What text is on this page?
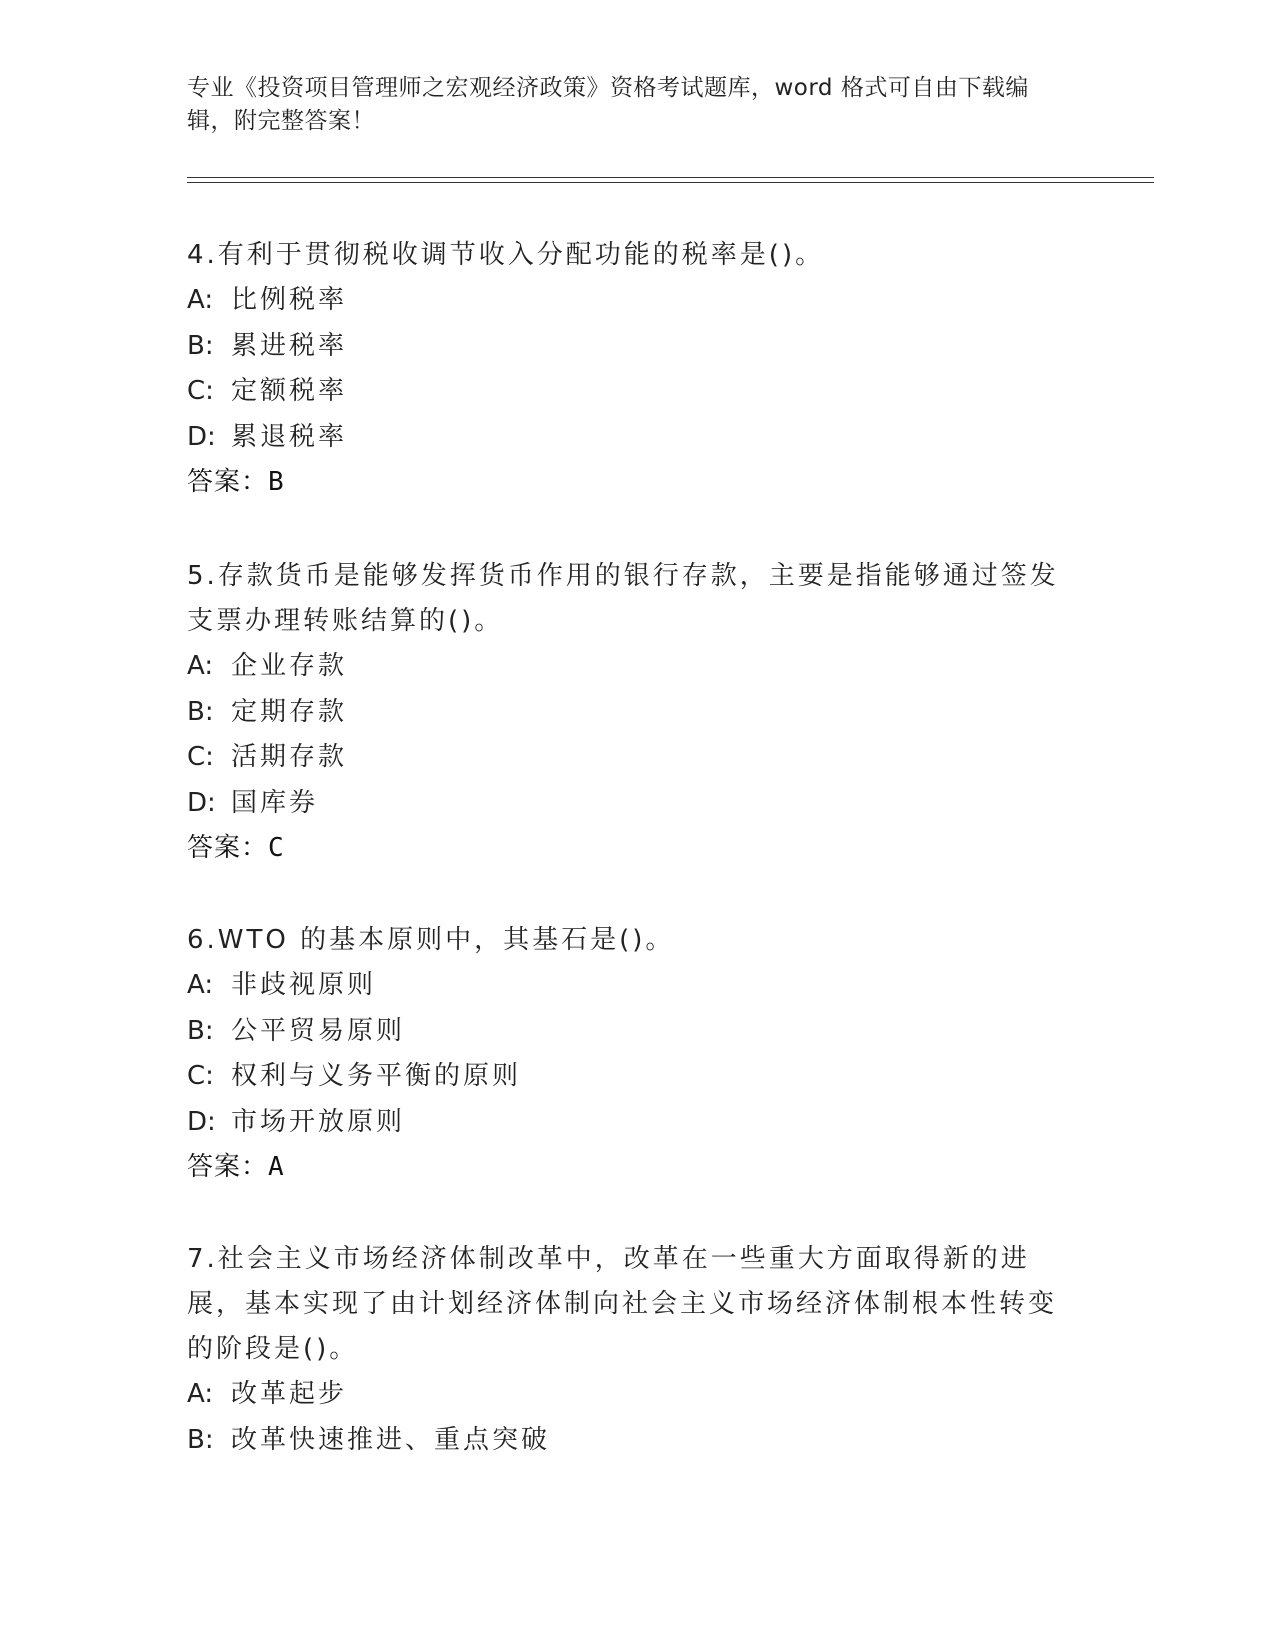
专业《投资项目管理师之宏观经济政策》资格考试题库，word 格式可自由下载编辑，附完整答案！

4.有利于贯彻税收调节收入分配功能的税率是()。

A: 比例税率
B: 累进税率
C: 定额税率
D: 累退税率
答案：B

5.存款货币是能够发挥货币作用的银行存款，主要是指能够通过签发支票办理转账结算的()。

A: 企业存款
B: 定期存款
C: 活期存款
D: 国库券
答案：C

6.WTO 的基本原则中，其基石是()。

A: 非歧视原则
B: 公平贸易原则
C: 权利与义务平衡的原则
D: 市场开放原则
答案：A

7.社会主义市场经济体制改革中，改革在一些重大方面取得新的进展，基本实现了由计划经济体制向社会主义市场经济体制根本性转变的阶段是()。

A: 改革起步
B: 改革快速推进、重点突破
